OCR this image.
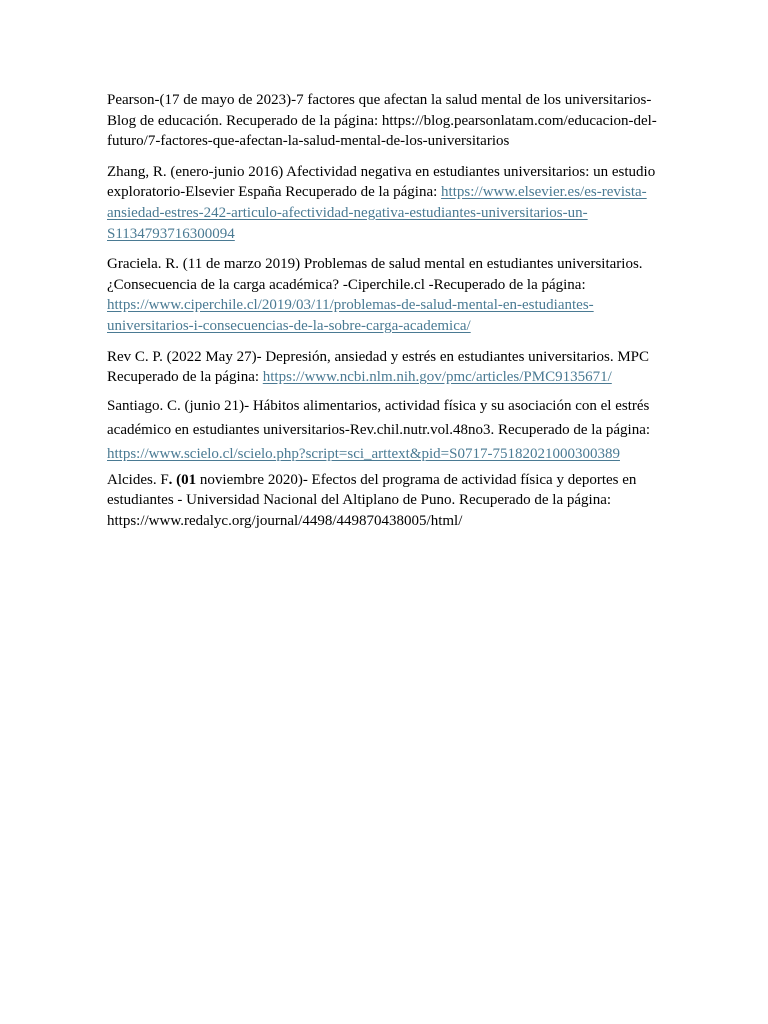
Pearson-(17 de mayo de 2023)-7 factores que afectan la salud mental de los universitarios-Blog de educación. Recuperado de la página: https://blog.pearsonlatam.com/educacion-del-futuro/7-factores-que-afectan-la-salud-mental-de-los-universitarios

Zhang, R. (enero-junio 2016) Afectividad negativa en estudiantes universitarios: un estudio exploratorio-Elsevier España Recuperado de la página: https://www.elsevier.es/es-revista-ansiedad-estres-242-articulo-afectividad-negativa-estudiantes-universitarios-un-S1134793716300094

Graciela. R. (11 de marzo 2019) Problemas de salud mental en estudiantes universitarios. ¿Consecuencia de la carga académica? -Ciperchile.cl -Recuperado de la página: https://www.ciperchile.cl/2019/03/11/problemas-de-salud-mental-en-estudiantes-universitarios-i-consecuencias-de-la-sobre-carga-academica/

Rev C. P. (2022 May 27)- Depresión, ansiedad y estrés en estudiantes universitarios. MPC Recuperado de la página: https://www.ncbi.nlm.nih.gov/pmc/articles/PMC9135671/

Santiago. C. (junio 21)- Hábitos alimentarios, actividad física y su asociación con el estrés académico en estudiantes universitarios-Rev.chil.nutr.vol.48no3. Recuperado de la página: https://www.scielo.cl/scielo.php?script=sci_arttext&pid=S0717-75182021000300389

Alcides. F. (01 noviembre 2020)- Efectos del programa de actividad física y deportes en estudiantes - Universidad Nacional del Altiplano de Puno. Recuperado de la página: https://www.redalyc.org/journal/4498/449870438005/html/
